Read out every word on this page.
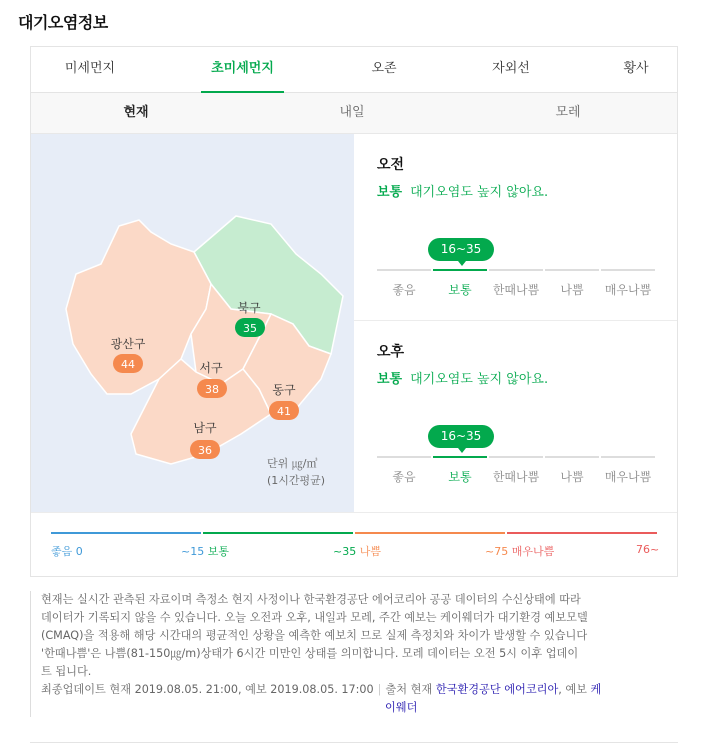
대기오염정보
미세먼지	초미세먼지	오존	자외선	황사
현재	내일	모레
북구
35
광산구
44	서구
38	동구
41
남구
36
단위 ㎍/㎥
(1시간평균)
오전
보통 대기오염도 높지 않아요.
16~35
좋음	보통	한때나쁨	나쁨	매우나쁨
오후
보통 대기오염도 높지 않아요.
16~35
좋음	보통	한때나쁨	나쁨	매우나쁨
좋음 0	~15 보통	~35 나쁨	~75 매우나쁨	76~

현재는 실시간 관측된 자료이며 측정소 현지 사정이나 한국환경공단 에어코리아 공공 데이터의 수신상태에 따라

데이터가 기록되지 않을 수 있습니다. 오늘 오전과 오후, 내일과 모레, 주간 예보는 케이웨더가 대기환경 예보모델

(CMAQ)을 적용해 해당 시간대의 평균적인 상황을 예측한 예보치 므로 실제 측정치와 차이가 발생할 수 있습니다

'한때나쁨'은 나쁨(81-150㎍/m)상태가 6시간 미만인 상태를 의미합니다. 모레 데이터는 오전 5시 이후 업데이

트 됩니다.

최종업데이트 현재 2019.08.05. 21:00, 예보 2019.08.05. 17:00 | 출처 현재 한국환경공단 에어코리아, 예보 케

이웨더
